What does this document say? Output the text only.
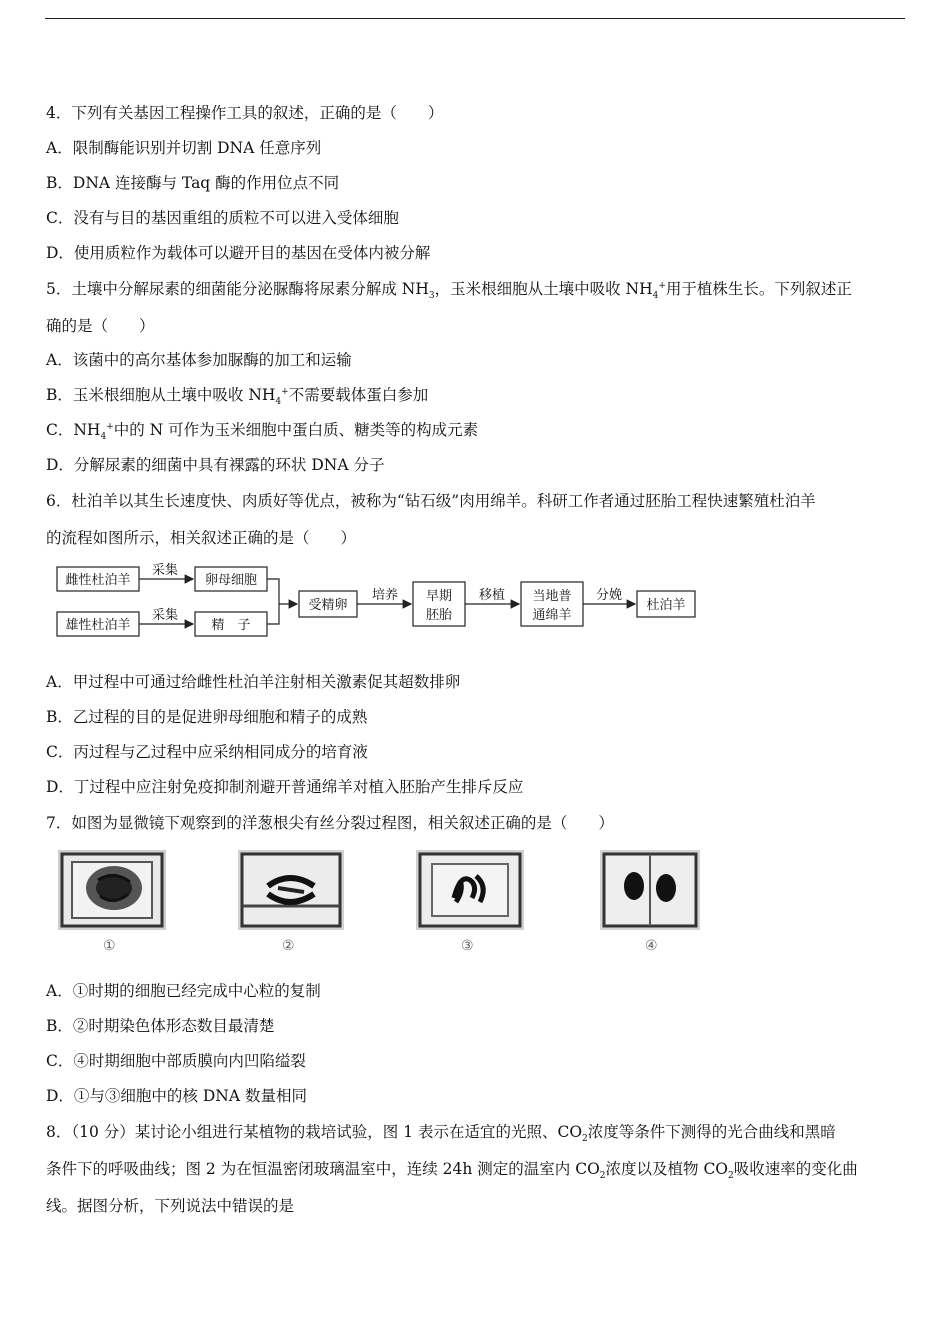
4．下列有关基因工程操作工具的叙述，正确的是（　　）
A．限制酶能识别并切割 DNA 任意序列
B．DNA 连接酶与 Taq 酶的作用位点不同
C．没有与目的基因重组的质粒不可以进入受体细胞
D．使用质粒作为载体可以避开目的基因在受体内被分解
5．土壤中分解尿素的细菌能分泌脲酶将尿素分解成 $NH_3$，玉米根细胞从土壤中吸收 $NH_4^+$用于植株生长。下列叙述正
确的是（　　）
A．该菌中的高尔基体参加脲酶的加工和运输
B．玉米根细胞从土壤中吸收 $NH_4^+$不需要载体蛋白参加
C．$NH_4^+$中的 N 可作为玉米细胞中蛋白质、糖类等的构成元素
D．分解尿素的细菌中具有裸露的环状 DNA 分子
6．杜泊羊以其生长速度快、肉质好等优点，被称为“钻石级”肉用绵羊。科研工作者通过胚胎工程快速繁殖杜泊羊
的流程如图所示，相关叙述正确的是（　　）
雌性杜泊羊
雄性杜泊羊
采集
采集
卵母细胞
精　子
受精卵
培养 早期
胚胎
移植 当地普
通绵羊
分娩
杜泊羊
A．甲过程中可通过给雌性杜泊羊注射相关激素促其超数排卵
B．乙过程的目的是促进卵母细胞和精子的成熟
C．丙过程与乙过程中应采纳相同成分的培育液
D．丁过程中应注射免疫抑制剂避开普通绵羊对植入胚胎产生排斥反应
7．如图为显微镜下观察到的洋葱根尖有丝分裂过程图，相关叙述正确的是（　　）
①	②	③	④
A．①时期的细胞已经完成中心粒的复制
B．②时期染色体形态数目最清楚
C．④时期细胞中部质膜向内凹陷缢裂
D．①与③细胞中的核 DNA 数量相同
8．（10 分）某讨论小组进行某植物的栽培试验，图 1 表示在适宜的光照、$CO_2$浓度等条件下测得的光合曲线和黑暗
条件下的呼吸曲线；图 2 为在恒温密闭玻璃温室中，连续 24h 测定的温室内 $CO_2$浓度以及植物 $CO_2$吸收速率的变化曲
线。据图分析，下列说法中错误的是
